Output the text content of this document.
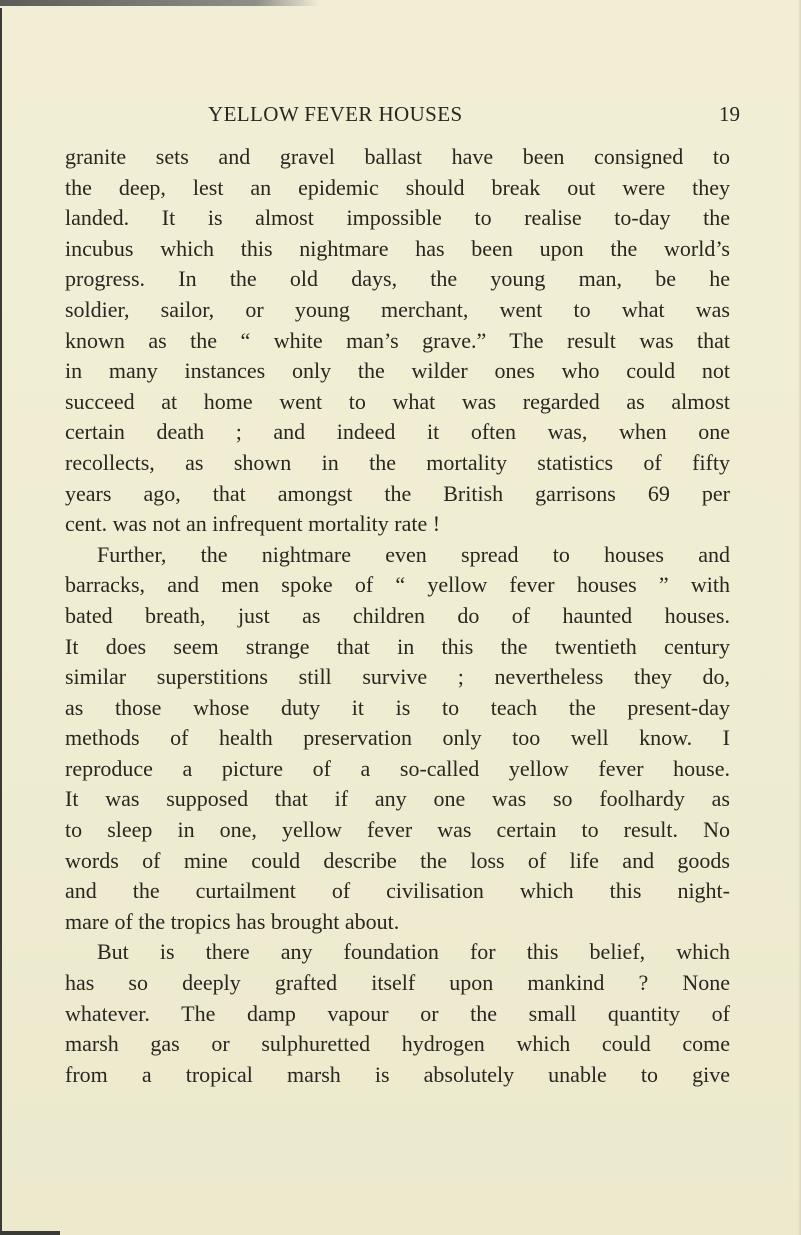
YELLOW FEVER HOUSES	19
granite sets and gravel ballast have been consigned to
the deep, lest an epidemic should break out were they
landed. It is almost impossible to realise to-day the
incubus which this nightmare has been upon the world’s
progress. In the old days, the young man, be he
soldier, sailor, or young merchant, went to what was
known as the “ white man’s grave.” The result was that
in many instances only the wilder ones who could not
succeed at home went to what was regarded as almost
certain death ; and indeed it often was, when one
recollects, as shown in the mortality statistics of fifty
years ago, that amongst the British garrisons 69 per
cent. was not an infrequent mortality rate !
Further, the nightmare even spread to houses and
barracks, and men spoke of “ yellow fever houses ” with
bated breath, just as children do of haunted houses.
It does seem strange that in this the twentieth century
similar superstitions still survive ; nevertheless they do,
as those whose duty it is to teach the present-day
methods of health preservation only too well know. I
reproduce a picture of a so-called yellow fever house.
It was supposed that if any one was so foolhardy as
to sleep in one, yellow fever was certain to result. No
words of mine could describe the loss of life and goods
and the curtailment of civilisation which this night-
mare of the tropics has brought about.
But is there any foundation for this belief, which
has so deeply grafted itself upon mankind ? None
whatever. The damp vapour or the small quantity of
marsh gas or sulphuretted hydrogen which could come
from a tropical marsh is absolutely unable to give
